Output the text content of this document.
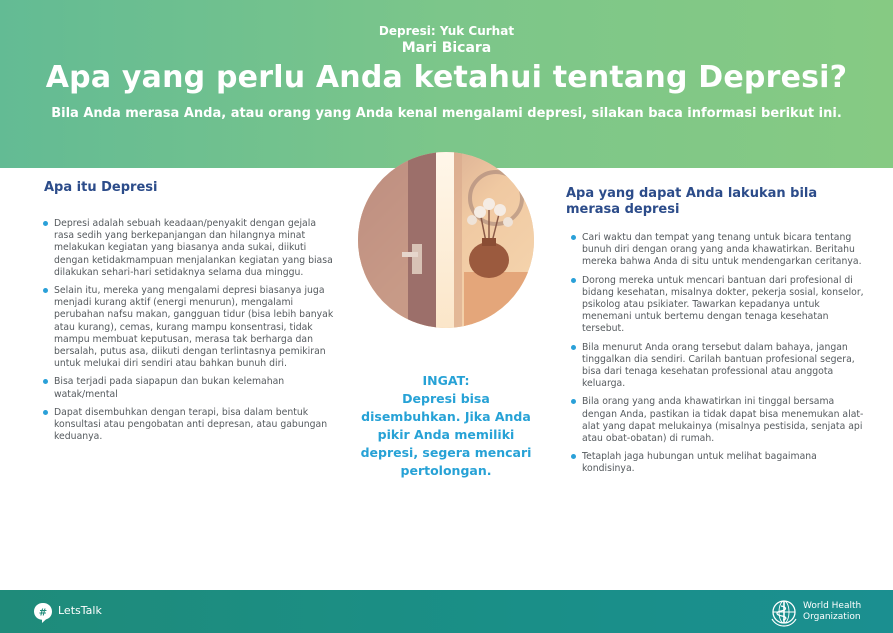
Depresi: Yuk Curhat
Mari Bicara
Apa yang perlu Anda ketahui tentang Depresi?
Bila Anda merasa Anda, atau orang yang Anda kenal mengalami depresi, silakan baca informasi berikut ini.
Apa itu Depresi
Depresi adalah sebuah keadaan/penyakit dengan gejala rasa sedih yang berkepanjangan dan hilangnya minat melakukan kegiatan yang biasanya anda sukai, diikuti dengan ketidakmampuan menjalankan kegiatan yang biasa dilakukan sehari-hari setidaknya selama dua minggu.
Selain itu, mereka yang mengalami depresi biasanya juga menjadi kurang aktif (energi menurun), mengalami perubahan nafsu makan, gangguan tidur (bisa lebih banyak atau kurang), cemas, kurang mampu konsentrasi, tidak mampu membuat keputusan, merasa tak berharga dan bersalah, putus asa, diikuti dengan terlintasnya pemikiran untuk melukai diri sendiri atau bahkan bunuh diri.
Bisa terjadi pada siapapun dan bukan kelemahan watak/mental
Dapat disembuhkan dengan terapi, bisa dalam bentuk konsultasi atau pengobatan anti depresan, atau gabungan keduanya.
INGAT:
Depresi bisa
disembuhkan. Jika Anda
pikir Anda memiliki
depresi, segera mencari
pertolongan.
Apa yang dapat Anda lakukan bila merasa depresi
Cari waktu dan tempat yang tenang untuk bicara tentang bunuh diri dengan orang yang anda khawatirkan. Beritahu mereka bahwa Anda di situ untuk mendengarkan ceritanya.
Dorong mereka untuk mencari bantuan dari profesional di bidang kesehatan, misalnya dokter, pekerja sosial, konselor, psikolog atau psikiater. Tawarkan kepadanya untuk menemani untuk bertemu dengan tenaga kesehatan tersebut.
Bila menurut Anda orang tersebut dalam bahaya, jangan tinggalkan dia sendiri. Carilah bantuan profesional segera, bisa dari tenaga kesehatan professional atau anggota keluarga.
Bila orang yang anda khawatirkan ini tinggal bersama dengan Anda, pastikan ia tidak dapat bisa menemukan alat-alat yang dapat melukainya (misalnya pestisida, senjata api atau obat-obatan) di rumah.
Tetaplah jaga hubungan untuk melihat bagaimana kondisinya.
# LetsTalk	World Health
Organization
